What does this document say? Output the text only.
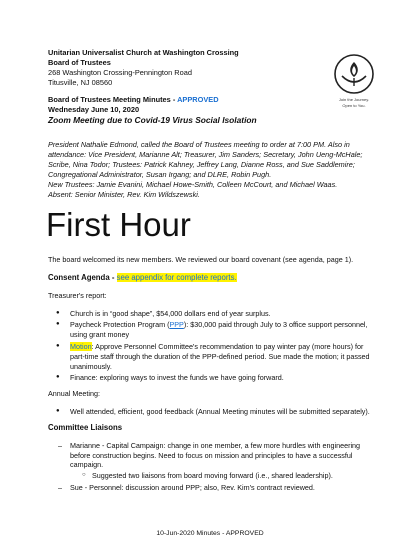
Unitarian Universalist Church at Washington Crossing
Board of Trustees
268 Washington Crossing-Pennington Road
Titusville, NJ 08560
Join the Journey.
Open to You.
Board of Trustees Meeting Minutes - APPROVED
Wednesday June 10, 2020
Zoom Meeting due to Covid-19 Virus Social Isolation

President Nathalie Edmond, called the Board of Trustees meeting to order at 7:00 PM. Also in attendance: Vice President, Marianne Alt; Treasurer, Jim Sanders; Secretary, John Ueng-McHale; Scribe, Nina Todor; Trustees: Patrick Kahney, Jeffrey Lang, Dianne Ross, and Sue Saddlemire; Congregational Administrator, Susan Irgang; and DLRE, Robin Pugh.

New Trustees: Jamie Evanini, Michael Howe-Smith, Colleen McCourt, and Michael Waas.

Absent: Senior Minister, Rev. Kim Wildszewski.

First Hour

The board welcomed its new members. We reviewed our board covenant (see agenda, page 1).

Consent Agenda - see appendix for complete reports.

Treasurer's report:

● Church is in “good shape”, $54,000 dollars end of year surplus.
● Paycheck Protection Program (PPP): $30,000 paid through July to 3 office support personnel, using grant money
● Motion: Approve Personnel Committee's recommendation to pay winter pay (more hours) for part-time staff through the duration of the PPP-defined period. Sue made the motion; it passed unanimously.
● Finance: exploring ways to invest the funds we have going forward.

Annual Meeting:

● Well attended, efficient, good feedback (Annual Meeting minutes will be submitted separately).
Committee Liaisons
– Marianne - Capital Campaign: change in one member, a few more hurdles with engineering before construction begins. Need to focus on mission and principles to have a successful campaign.
○ Suggested two liaisons from board moving forward (i.e., shared leadership).
– Sue - Personnel: discussion around PPP; also, Rev. Kim's contract reviewed.
10-Jun-2020 Minutes - APPROVED
